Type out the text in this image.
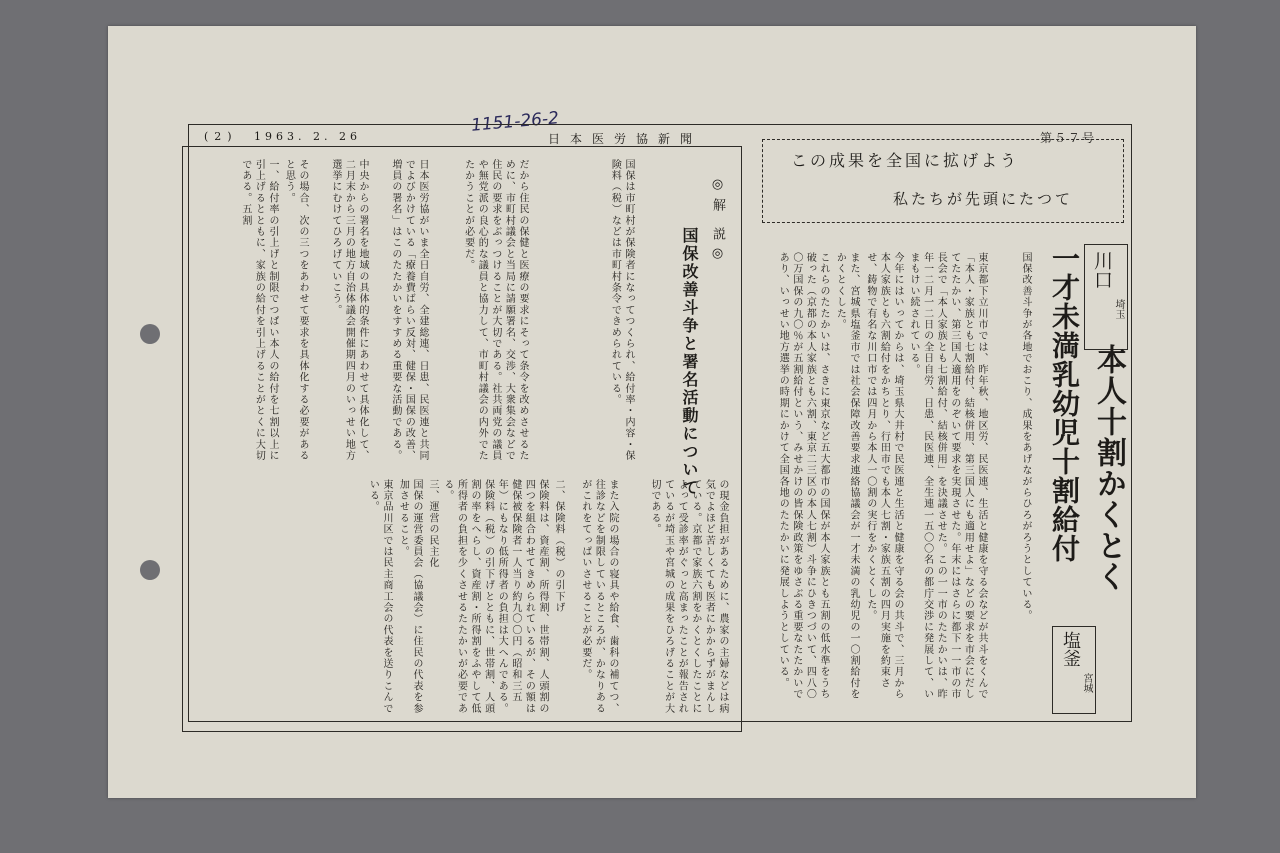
(2) 1963. 2. 26	日本医労協新聞	第５７号
1151-26-2
◎解 説◎
国保改善斗争と署名活動について
国保は市町村が保険者になってつくられ、給付率・内容・保険料（税）などは市町村条令できめられている。
だから住民の保健と医療の要求にそって条令を改めさせるために、市町村議会と当局に請願署名、交渉、大衆集会などで住民の要求をぶっつけることが大切である。社共両党の議員や無党派の良心的な議員と協力して、市町村議会の内外でたたかうことが必要だ。
日本医労協がいま全日自労、全建総連、日患、民医連と共同でよびかけている「療養費ばらい反対、健保・国保の改善、増員の署名」はこのたたかいをすすめる重要な活動である。
中央からの署名を地域の具体的条件にあわせて具体化して、二月末から三月の地方自治体議会開催期四月のいっせい地方選挙にむけてひろげていこう。
その場合、次の三つをあわせて要求を具体化する必要があると思う。
一、給付率の引上げと制限でつぱい本人の給付を七割以上に引上げるとともに、家族の給付を引上げることがとくに大切である。五割
の現金負担があるために、農家の主婦などは病気でよほど苦しくても医者にかからずがまんしている。京都で家族六割をかくとくしたことによって受診率がぐっと高まったことが報告されているが埼玉や宮城の成果をひろげることが大切である。
また入院の場合の寝具や給食、歯科の補てつ、往診などを制限しているところが、かなりあるがこれをてっぱいさせることが必要だ。
二、保険料（税）の引下げ
保険料は、資産割、所得割、世帯割、人頭割の四つを組合わせてきめられているが、その額は健保被保険者一人当り約九〇〇円（昭和三五年）にもなり低所得者の負担は大へんである。保険料（税）の引下げとともに、世帯割、人頭割の率をへらし、資産割・所得割をふやして低所得者の負担を少くさせるたたかいが必要である。
三、運営の民主化
国保の運営委員会（協議会）に住民の代表を参加させること。
東京品川区では民主商工会の代表を送りこんでいる。
この成果を全国に拡げよう
私たちが先頭にたつて
川口
埼玉
本人十割かくとく
一才未満乳幼児十割給付
塩釜
宮城
国保改善斗争が各地でおこり、成果をあげながらひろがろうとしている。
東京都下立川市では、昨年秋、地区労、民医連、生活と健康を守る会などが共斗をくんで「本人・家族とも七割給付、結核併用、第三国人にも適用せよ」などの要求を市会にだしてたたかい、第三国人適用をのぞいて要求を実現させた。年末にはさらに都下一一市の市長会で「本人家族とも七割給付、結核併用」を決議させた。この一一市のたたかいは、昨年一二月一二日の全日自労、日患、民医連、全生連一五〇〇名の都庁交渉に発展して、いまもけい続されている。
今年にはいってからは、埼玉県大井村で民医連と生活と健康を守る会の共斗で、三月から本人家族とも六割給付をかちとり、行田市でも本人七割・家族五割の四月実施を約束させ、鋳物で有名な川口市では四月から本人一〇割の実行をかくとくした。
また、宮城県塩釜市では社会保障改善要求連絡協議会が一才未満の乳幼児の一〇割給付をかくとくした。
これらのたたかいは、さきに東京など五大都市の国保が本人家族とも五割の低水準をうち破った（京都の本人家族とも六割、東京二三区の本人七割）斗争にひきつづいて、四八〇〇万国保の九〇％が五割給付という、みせかけの皆保険政策をゆさぶる重要なたたかいであり、いっせい地方選挙の時期にかけて全国各地のたたかいに発展しようとしている。
